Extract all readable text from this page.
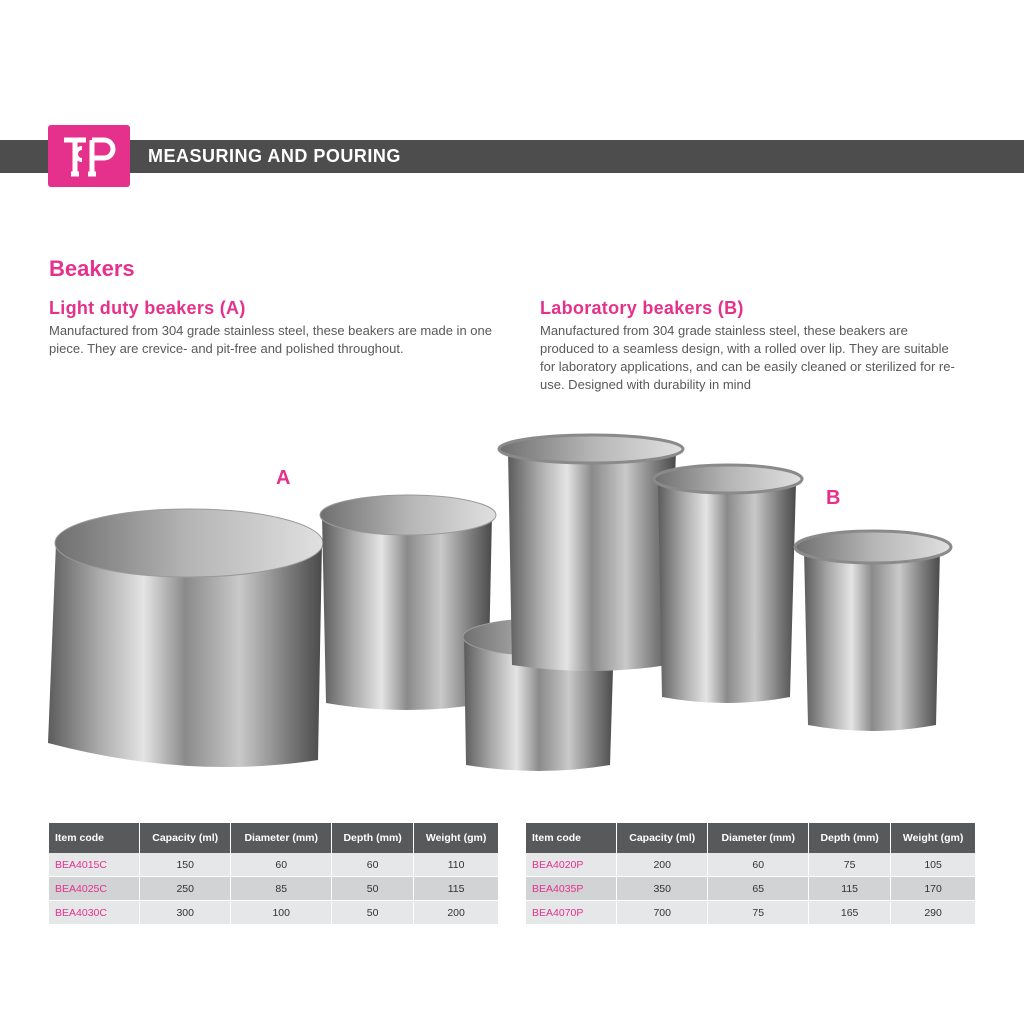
MEASURING AND POURING
Beakers
Light duty beakers (A)
Manufactured from 304 grade stainless steel, these beakers are made in one piece. They are crevice- and pit-free and polished throughout.
Laboratory beakers (B)
Manufactured from 304 grade stainless steel, these beakers are produced to a seamless design, with a rolled over lip. They are suitable for laboratory applications, and can be easily cleaned or sterilized for re-use. Designed with durability in mind
A
B
Item code	Capacity (ml)	Diameter (mm)	Depth (mm)	Weight (gm)
BEA4015C	150	60	60	110
BEA4025C	250	85	50	115
BEA4030C	300	100	50	200
Item code	Capacity (ml)	Diameter (mm)	Depth (mm)	Weight (gm)
BEA4020P	200	60	75	105
BEA4035P	350	65	115	170
BEA4070P	700	75	165	290
